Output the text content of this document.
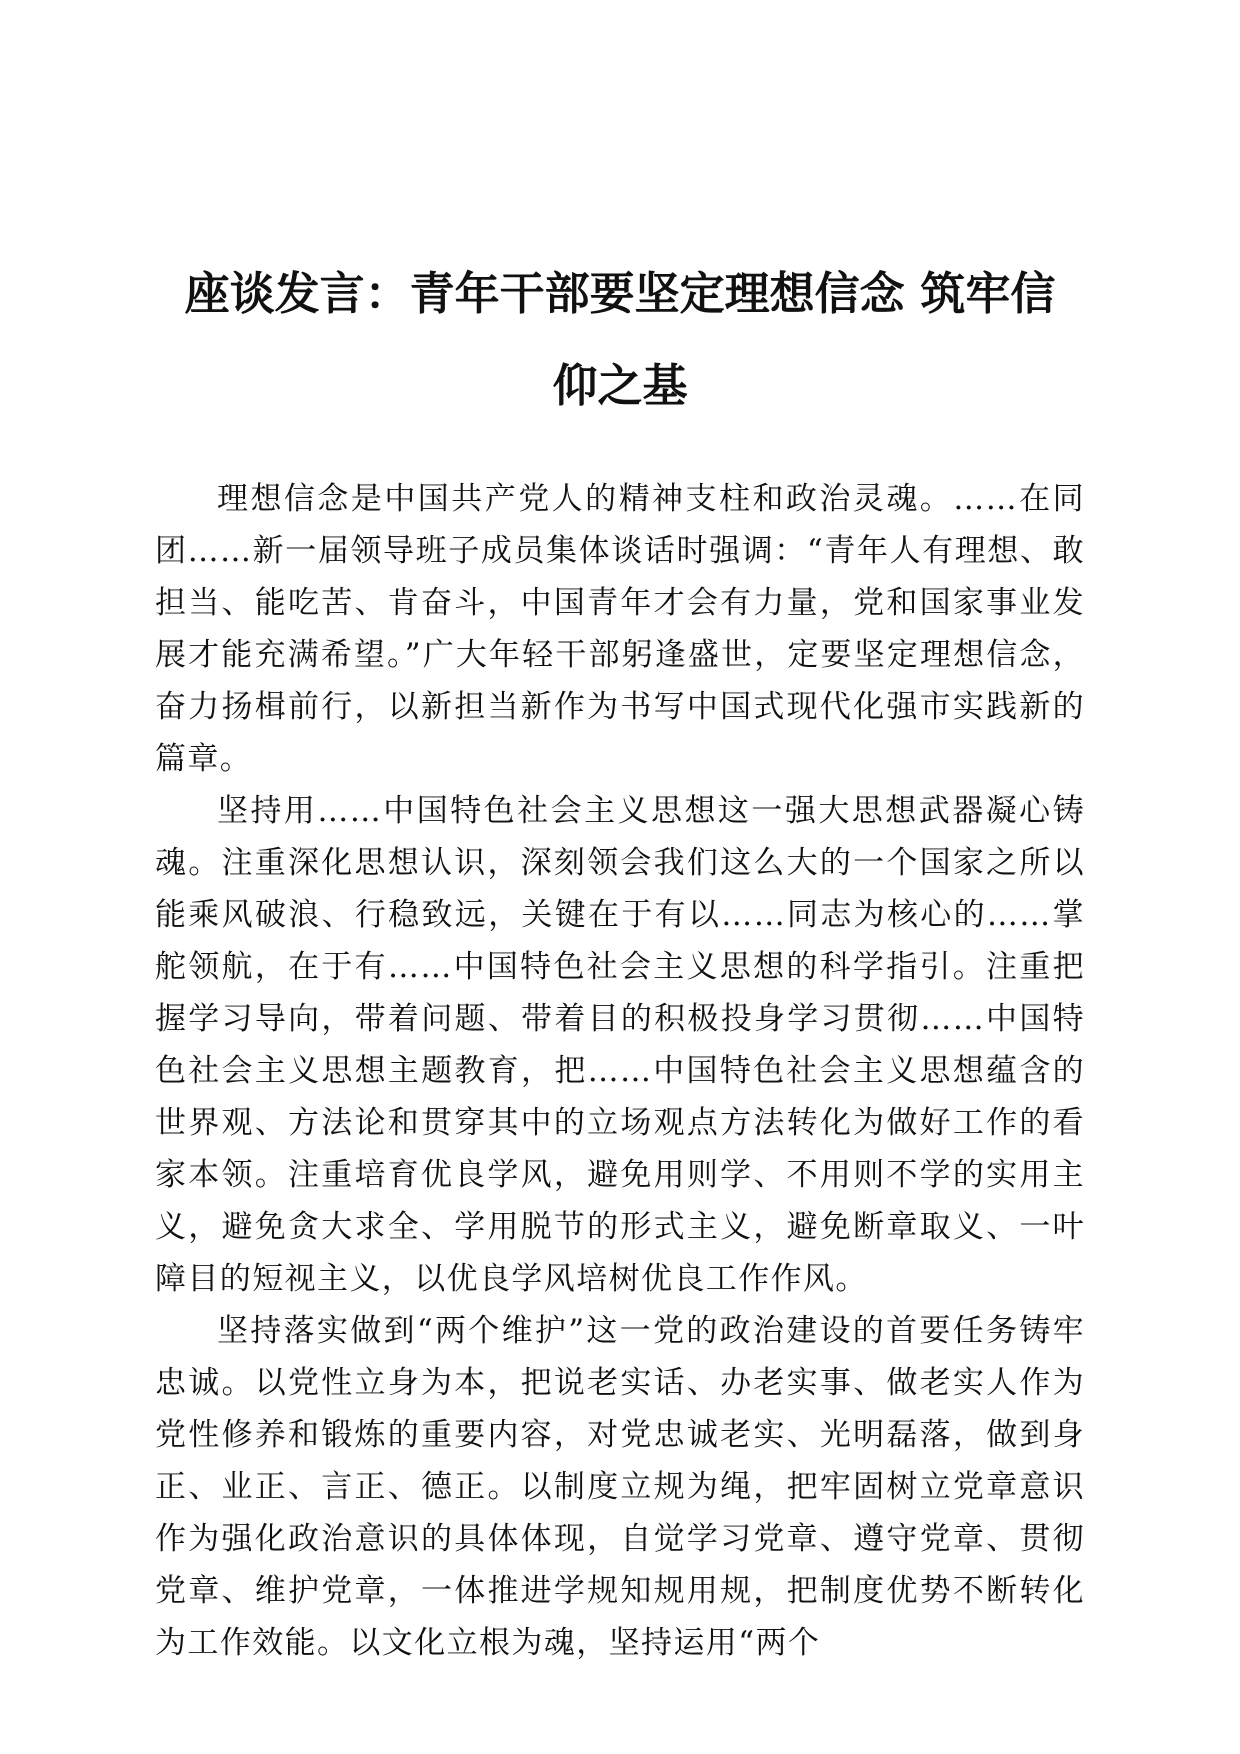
座谈发言：青年干部要坚定理想信念 筑牢信
仰之基

理想信念是中国共产党人的精神支柱和政治灵魂。……在同团……新一届领导班子成员集体谈话时强调：“青年人有理想、敢担当、能吃苦、肯奋斗，中国青年才会有力量，党和国家事业发展才能充满希望。”广大年轻干部躬逢盛世，定要坚定理想信念，奋力扬楫前行，以新担当新作为书写中国式现代化强市实践新的篇章。

坚持用……中国特色社会主义思想这一强大思想武器凝心铸魂。注重深化思想认识，深刻领会我们这么大的一个国家之所以能乘风破浪、行稳致远，关键在于有以……同志为核心的……掌舵领航，在于有……中国特色社会主义思想的科学指引。注重把握学习导向，带着问题、带着目的积极投身学习贯彻……中国特色社会主义思想主题教育，把……中国特色社会主义思想蕴含的世界观、方法论和贯穿其中的立场观点方法转化为做好工作的看家本领。注重培育优良学风，避免用则学、不用则不学的实用主义，避免贪大求全、学用脱节的形式主义，避免断章取义、一叶障目的短视主义，以优良学风培树优良工作作风。

坚持落实做到“两个维护”这一党的政治建设的首要任务铸牢忠诚。以党性立身为本，把说老实话、办老实事、做老实人作为党性修养和锻炼的重要内容，对党忠诚老实、光明磊落，做到身正、业正、言正、德正。以制度立规为绳，把牢固树立党章意识作为强化政治意识的具体体现，自觉学习党章、遵守党章、贯彻党章、维护党章，一体推进学规知规用规，把制度优势不断转化为工作效能。以文化立根为魂，坚持运用“两个
